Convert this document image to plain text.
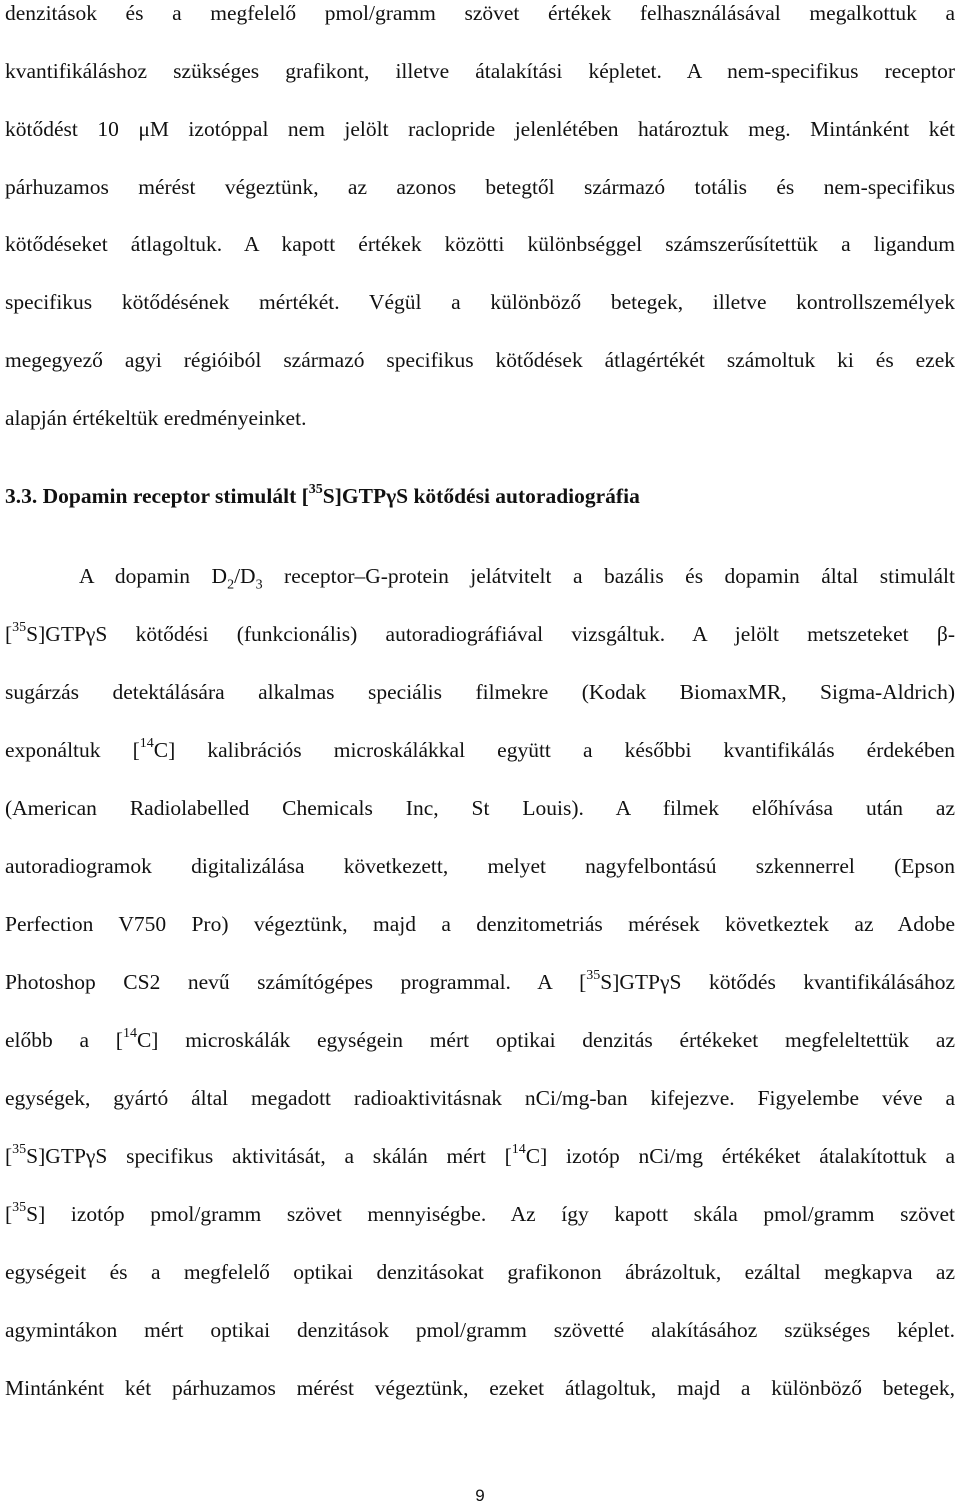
denzitások és a megfelelő pmol/gramm szövet értékek felhasználásával megalkottuk a
kvantifikáláshoz szükséges grafikont, illetve átalakítási képletet. A nem-specifikus receptor
kötődést 10 μM izotóppal nem jelölt raclopride jelenlétében határoztuk meg. Mintánként két
párhuzamos mérést végeztünk, az azonos betegtől származó totális és nem-specifikus
kötődéseket átlagoltuk. A kapott értékek közötti különbséggel számszerűsítettük a ligandum
specifikus kötődésének mértékét. Végül a különböző betegek, illetve kontrollszemélyek
megegyező agyi régióiból származó specifikus kötődések átlagértékét számoltuk ki és ezek
alapján értékeltük eredményeinket.
3.3. Dopamin receptor stimulált [$^{35}$S]GTPγS kötődési autoradiográfia
A dopamin $D_2/D_3$ receptor–G-protein jelátvitelt a bazális és dopamin által stimulált
[$^{35}$S]GTPγS kötődési (funkcionális) autoradiográfiával vizsgáltuk. A jelölt metszeteket β-
sugárzás detektálására alkalmas speciális filmekre (Kodak BiomaxMR, Sigma-Aldrich)
exponáltuk [$^{14}$C] kalibrációs microskálákkal együtt a későbbi kvantifikálás érdekében
(American Radiolabelled Chemicals Inc, St Louis). A filmek előhívása után az
autoradiogramok digitalizálása következett, melyet nagyfelbontású szkennerrel (Epson
Perfection V750 Pro) végeztünk, majd a denzitometriás mérések következtek az Adobe
Photoshop CS2 nevű számítógépes programmal. A [$^{35}$S]GTPγS kötődés kvantifikálásához
előbb a [$^{14}$C] microskálák egységein mért optikai denzitás értékeket megfeleltettük az
egységek, gyártó által megadott radioaktivitásnak nCi/mg-ban kifejezve. Figyelembe véve a
[$^{35}$S]GTPγS specifikus aktivitását, a skálán mért [$^{14}$C] izotóp nCi/mg értékéket átalakítottuk a
[$^{35}$S] izotóp pmol/gramm szövet mennyiségbe. Az így kapott skála pmol/gramm szövet
egységeit és a megfelelő optikai denzitásokat grafikonon ábrázoltuk, ezáltal megkapva az
agymintákon mért optikai denzitások pmol/gramm szövetté alakításához szükséges képlet.
Mintánként két párhuzamos mérést végeztünk, ezeket átlagoltuk, majd a különböző betegek,
9
